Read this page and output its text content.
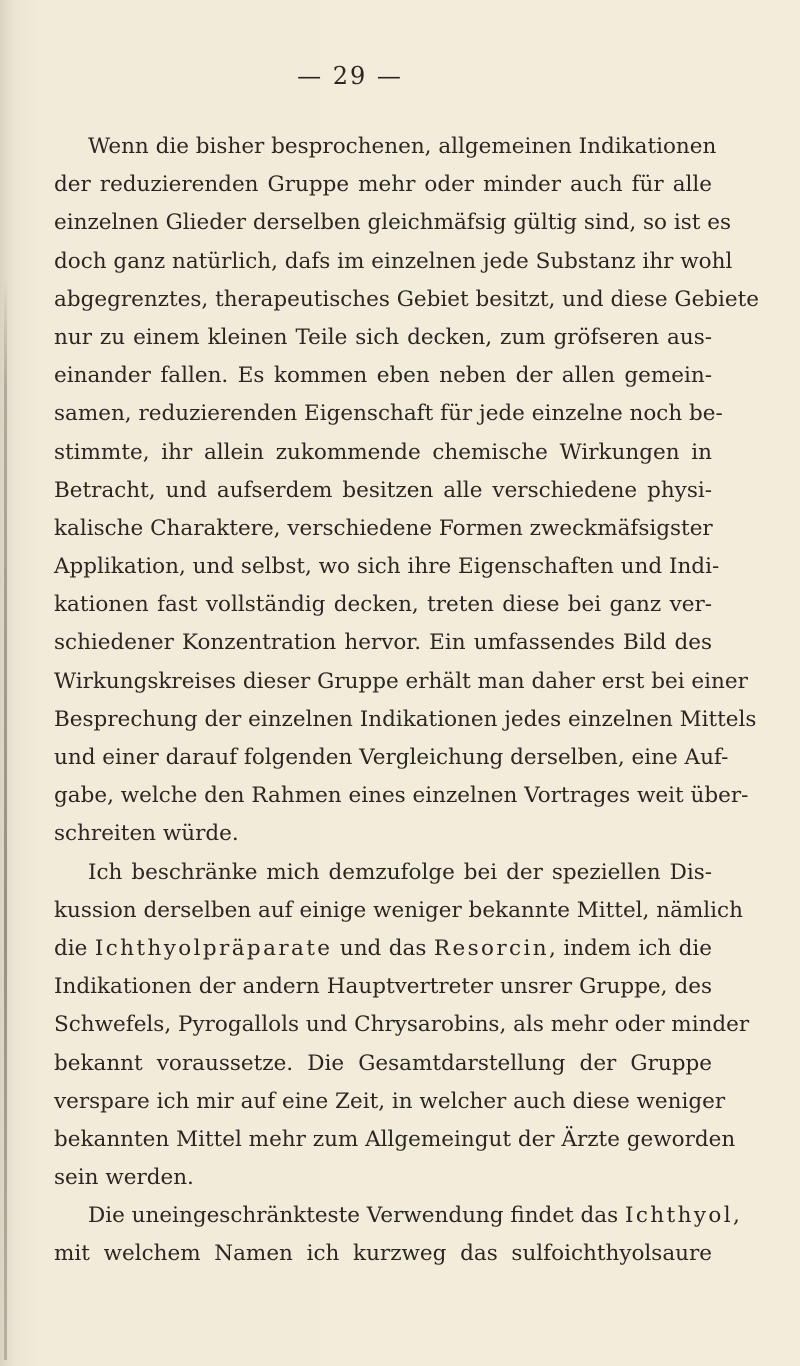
— 29 —
Wenn die bisher besprochenen, allgemeinen Indikationen
der reduzierenden Gruppe mehr oder minder auch für alle
einzelnen Glieder derselben gleichmäfsig gültig sind, so ist es
doch ganz natürlich, dafs im einzelnen jede Substanz ihr wohl
abgegrenztes, therapeutisches Gebiet besitzt, und diese Gebiete
nur zu einem kleinen Teile sich decken, zum gröfseren aus-
einander fallen. Es kommen eben neben der allen gemein-
samen, reduzierenden Eigenschaft für jede einzelne noch be-
stimmte, ihr allein zukommende chemische Wirkungen in
Betracht, und aufserdem besitzen alle verschiedene physi-
kalische Charaktere, verschiedene Formen zweckmäfsigster
Applikation, und selbst, wo sich ihre Eigenschaften und Indi-
kationen fast vollständig decken, treten diese bei ganz ver-
schiedener Konzentration hervor. Ein umfassendes Bild des
Wirkungskreises dieser Gruppe erhält man daher erst bei einer
Besprechung der einzelnen Indikationen jedes einzelnen Mittels
und einer darauf folgenden Vergleichung derselben, eine Auf-
gabe, welche den Rahmen eines einzelnen Vortrages weit über-
schreiten würde.
Ich beschränke mich demzufolge bei der speziellen Dis-
kussion derselben auf einige weniger bekannte Mittel, nämlich
die Ichthyolpräparate und das Resorcin, indem ich die
Indikationen der andern Hauptvertreter unsrer Gruppe, des
Schwefels, Pyrogallols und Chrysarobins, als mehr oder minder
bekannt voraussetze. Die Gesamtdarstellung der Gruppe
verspare ich mir auf eine Zeit, in welcher auch diese weniger
bekannten Mittel mehr zum Allgemeingut der Ärzte geworden
sein werden.
Die uneingeschränkteste Verwendung findet das Ichthyol,
mit welchem Namen ich kurzweg das sulfoichthyolsaure
